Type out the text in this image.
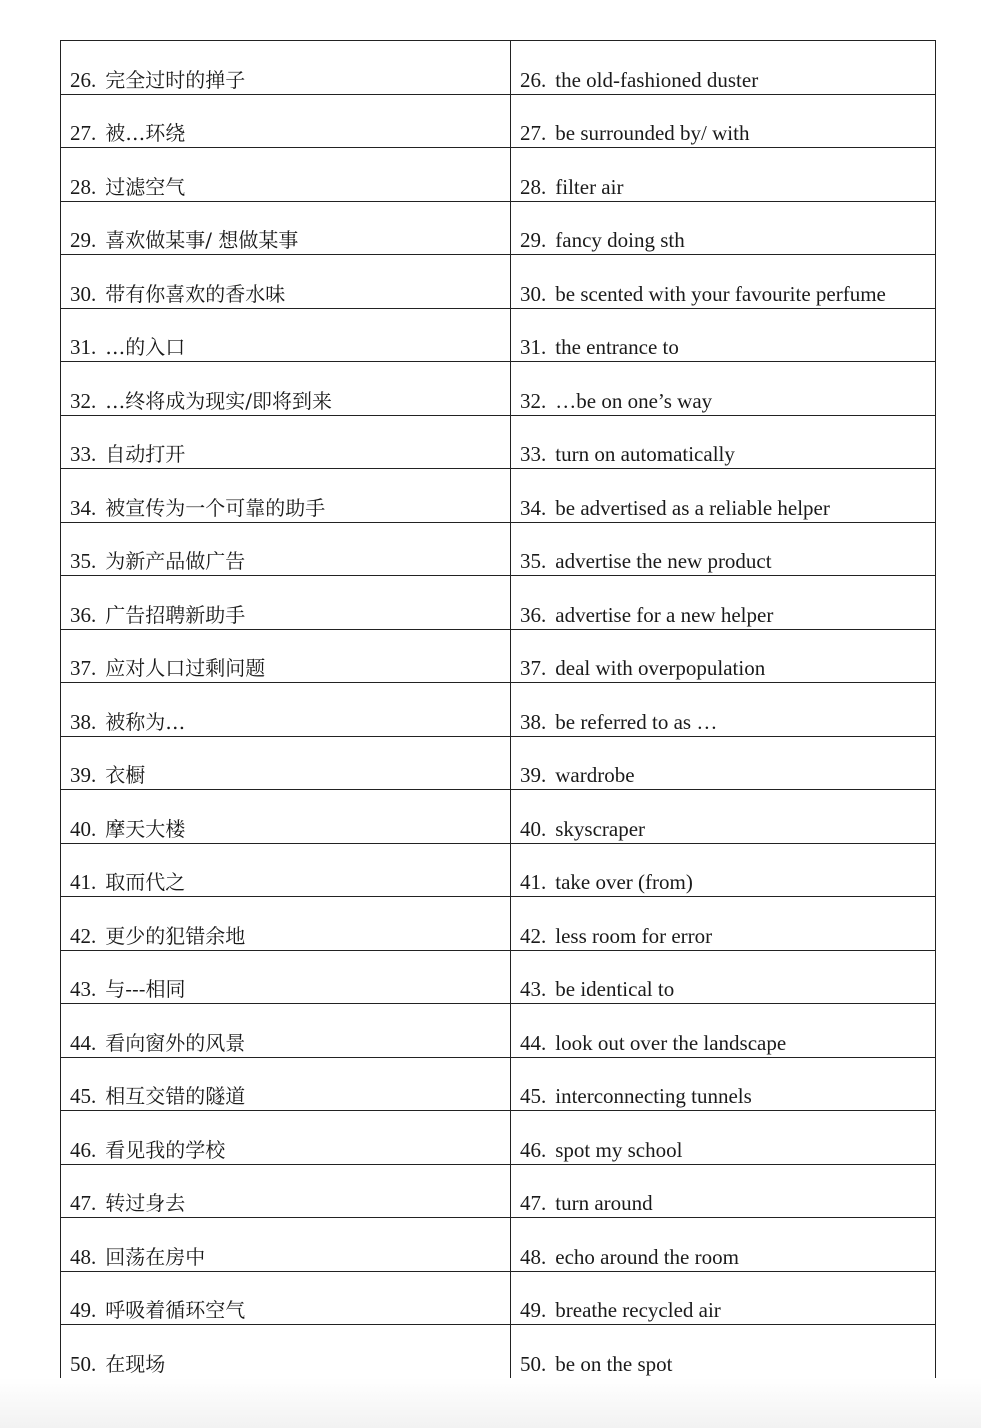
26. 完全过时的掸子	26. the old-fashioned duster

27. 被…环绕	27. be surrounded by/ with

28. 过滤空气	28. filter air

29. 喜欢做某事/ 想做某事	29. fancy doing sth

30. 带有你喜欢的香水味	30. be scented with your favourite perfume

31. …的入口	31. the entrance to

32. …终将成为现实/即将到来	32. …be on one’s way

33. 自动打开	33. turn on automatically

34. 被宣传为一个可靠的助手	34. be advertised as a reliable helper

35. 为新产品做广告	35. advertise the new product

36. 广告招聘新助手	36. advertise for a new helper

37. 应对人口过剩问题	37. deal with overpopulation

38. 被称为…	38. be referred to as …

39. 衣橱	39. wardrobe

40. 摩天大楼	40. skyscraper

41. 取而代之	41. take over (from)

42. 更少的犯错余地	42. less room for error

43. 与---相同	43. be identical to

44. 看向窗外的风景	44. look out over the landscape

45. 相互交错的隧道	45. interconnecting tunnels

46. 看见我的学校	46. spot my school

47. 转过身去	47. turn around

48. 回荡在房中	48. echo around the room

49. 呼吸着循环空气	49. breathe recycled air

50. 在现场	50. be on the spot
